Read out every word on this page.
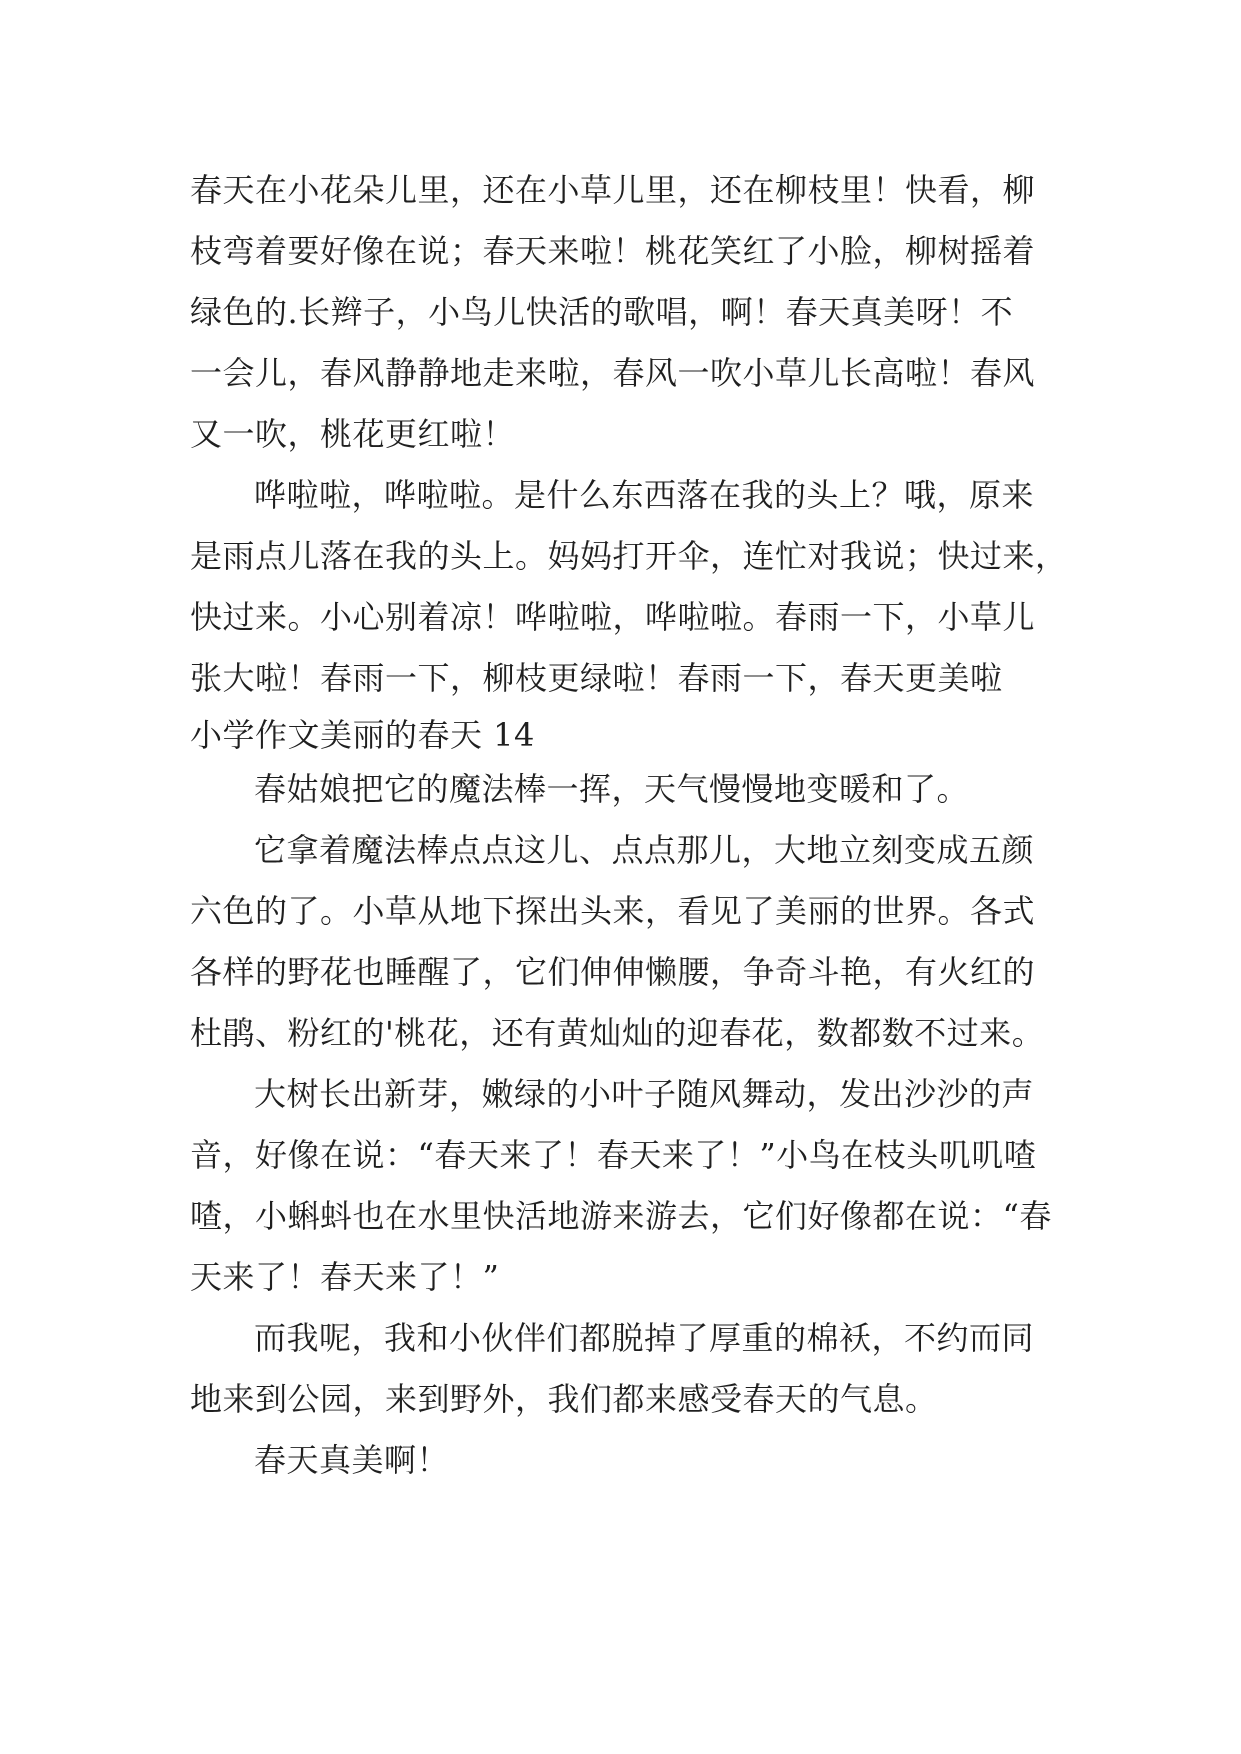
春天在小花朵儿里，还在小草儿里，还在柳枝里！快看，柳
枝弯着要好像在说；春天来啦！桃花笑红了小脸，柳树摇着
绿色的.长辫子，小鸟儿快活的歌唱，啊！春天真美呀！不
一会儿，春风静静地走来啦，春风一吹小草儿长高啦！春风
又一吹，桃花更红啦！
哗啦啦，哗啦啦。是什么东西落在我的头上？哦，原来
是雨点儿落在我的头上。妈妈打开伞，连忙对我说；快过来，
快过来。小心别着凉！哗啦啦，哗啦啦。春雨一下，小草儿
张大啦！春雨一下，柳枝更绿啦！春雨一下，春天更美啦
小学作文美丽的春天 14
春姑娘把它的魔法棒一挥，天气慢慢地变暖和了。
它拿着魔法棒点点这儿、点点那儿，大地立刻变成五颜
六色的了。小草从地下探出头来，看见了美丽的世界。各式
各样的野花也睡醒了，它们伸伸懒腰，争奇斗艳，有火红的
杜鹃、粉红的'桃花，还有黄灿灿的迎春花，数都数不过来。
大树长出新芽，嫩绿的小叶子随风舞动，发出沙沙的声
音，好像在说：“春天来了！春天来了！”小鸟在枝头叽叽喳
喳，小蝌蚪也在水里快活地游来游去，它们好像都在说：“春
天来了！春天来了！”
而我呢，我和小伙伴们都脱掉了厚重的棉袄，不约而同
地来到公园，来到野外，我们都来感受春天的气息。
春天真美啊！
